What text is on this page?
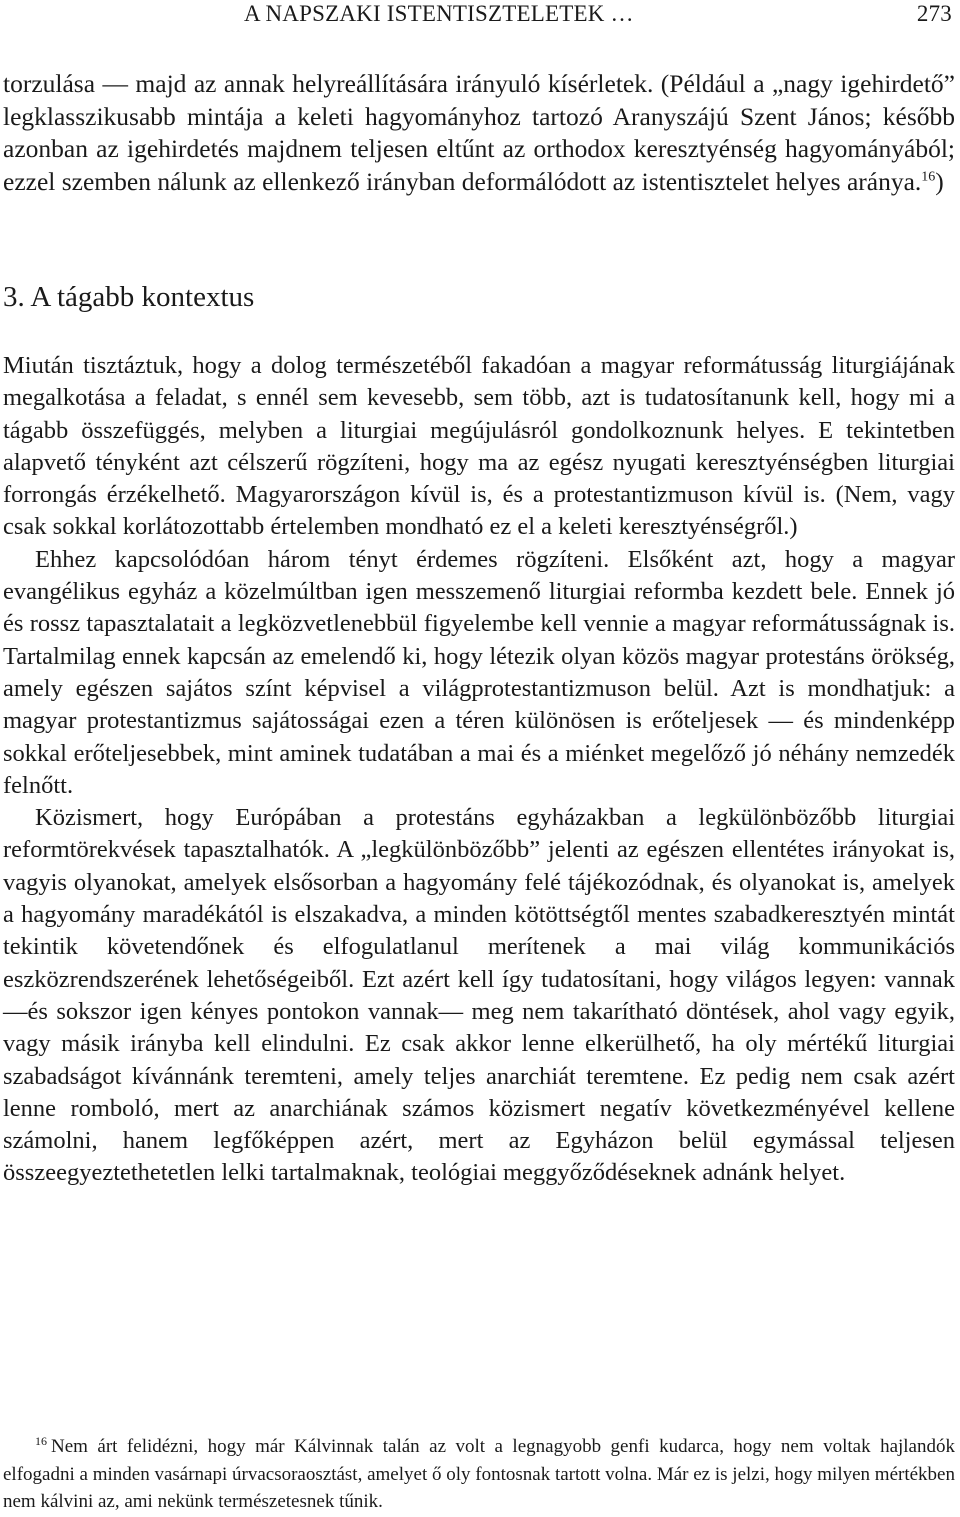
A NAPSZAKI ISTENTISZTELETEK …	273

torzulása — majd az annak helyreállítására irányuló kísérletek. (Például a „nagy igehirdető” legklasszikusabb mintája a keleti hagyományhoz tartozó Aranyszájú Szent János; később azonban az igehirdetés majdnem teljesen eltűnt az orthodox keresztyénség hagyományából; ezzel szemben nálunk az ellenkező irányban deformálódott az istentisztelet helyes aránya.$^{16}$)

3. A tágabb kontextus

Miután tisztáztuk, hogy a dolog természetéből fakadóan a magyar reformátusság liturgiájának megalkotása a feladat, s ennél sem kevesebb, sem több, azt is tudatosítanunk kell, hogy mi a tágabb összefüggés, melyben a liturgiai megújulásról gondolkoznunk helyes. E tekintetben alapvető tényként azt célszerű rögzíteni, hogy ma az egész nyugati keresztyénségben liturgiai forrongás érzékelhető. Magyarországon kívül is, és a protestantizmuson kívül is. (Nem, vagy csak sokkal korlátozottabb értelemben mondható ez el a keleti keresztyénségről.)

Ehhez kapcsolódóan három tényt érdemes rögzíteni. Elsőként azt, hogy a magyar evangélikus egyház a közelmúltban igen messzemenő liturgiai reformba kezdett bele. Ennek jó és rossz tapasztalatait a legközvetlenebbül figyelembe kell vennie a magyar reformátusságnak is. Tartalmilag ennek kapcsán az emelendő ki, hogy létezik olyan közös magyar protestáns örökség, amely egészen sajátos színt képvisel a világprotestantizmuson belül. Azt is mondhatjuk: a magyar protestantizmus sajátosságai ezen a téren különösen is erőteljesek — és mindenképp sokkal erőteljesebbek, mint aminek tudatában a mai és a miénket megelőző jó néhány nemzedék felnőtt.

Közismert, hogy Európában a protestáns egyházakban a legkülönbözőbb liturgiai reformtörekvések tapasztalhatók. A „legkülönbözőbb” jelenti az egészen ellentétes irányokat is, vagyis olyanokat, amelyek elsősorban a hagyomány felé tájékozódnak, és olyanokat is, amelyek a hagyomány maradékától is elszakadva, a minden kötöttségtől mentes szabadkeresztyén mintát tekintik követendőnek és elfogulatlanul merítenek a mai világ kommunikációs eszközrendszerének lehetőségeiből. Ezt azért kell így tudatosítani, hogy világos legyen: vannak —és sokszor igen kényes pontokon vannak— meg nem takarítható döntések, ahol vagy egyik, vagy másik irányba kell elindulni. Ez csak akkor lenne elkerülhető, ha oly mértékű liturgiai szabadságot kívánnánk teremteni, amely teljes anarchiát teremtene. Ez pedig nem csak azért lenne romboló, mert az anarchiának számos közismert negatív következményével kellene számolni, hanem legfőképpen azért, mert az Egyházon belül egymással teljesen összeegyeztethetetlen lelki tartalmaknak, teológiai meggyőződéseknek adnánk helyet.

$^{16}$ Nem árt felidézni, hogy már Kálvinnak talán az volt a legnagyobb genfi kudarca, hogy nem voltak hajlandók elfogadni a minden vasárnapi úrvacsoraosztást, amelyet ő oly fontosnak tartott volna. Már ez is jelzi, hogy milyen mértékben nem kálvini az, ami nekünk természetesnek tűnik.
